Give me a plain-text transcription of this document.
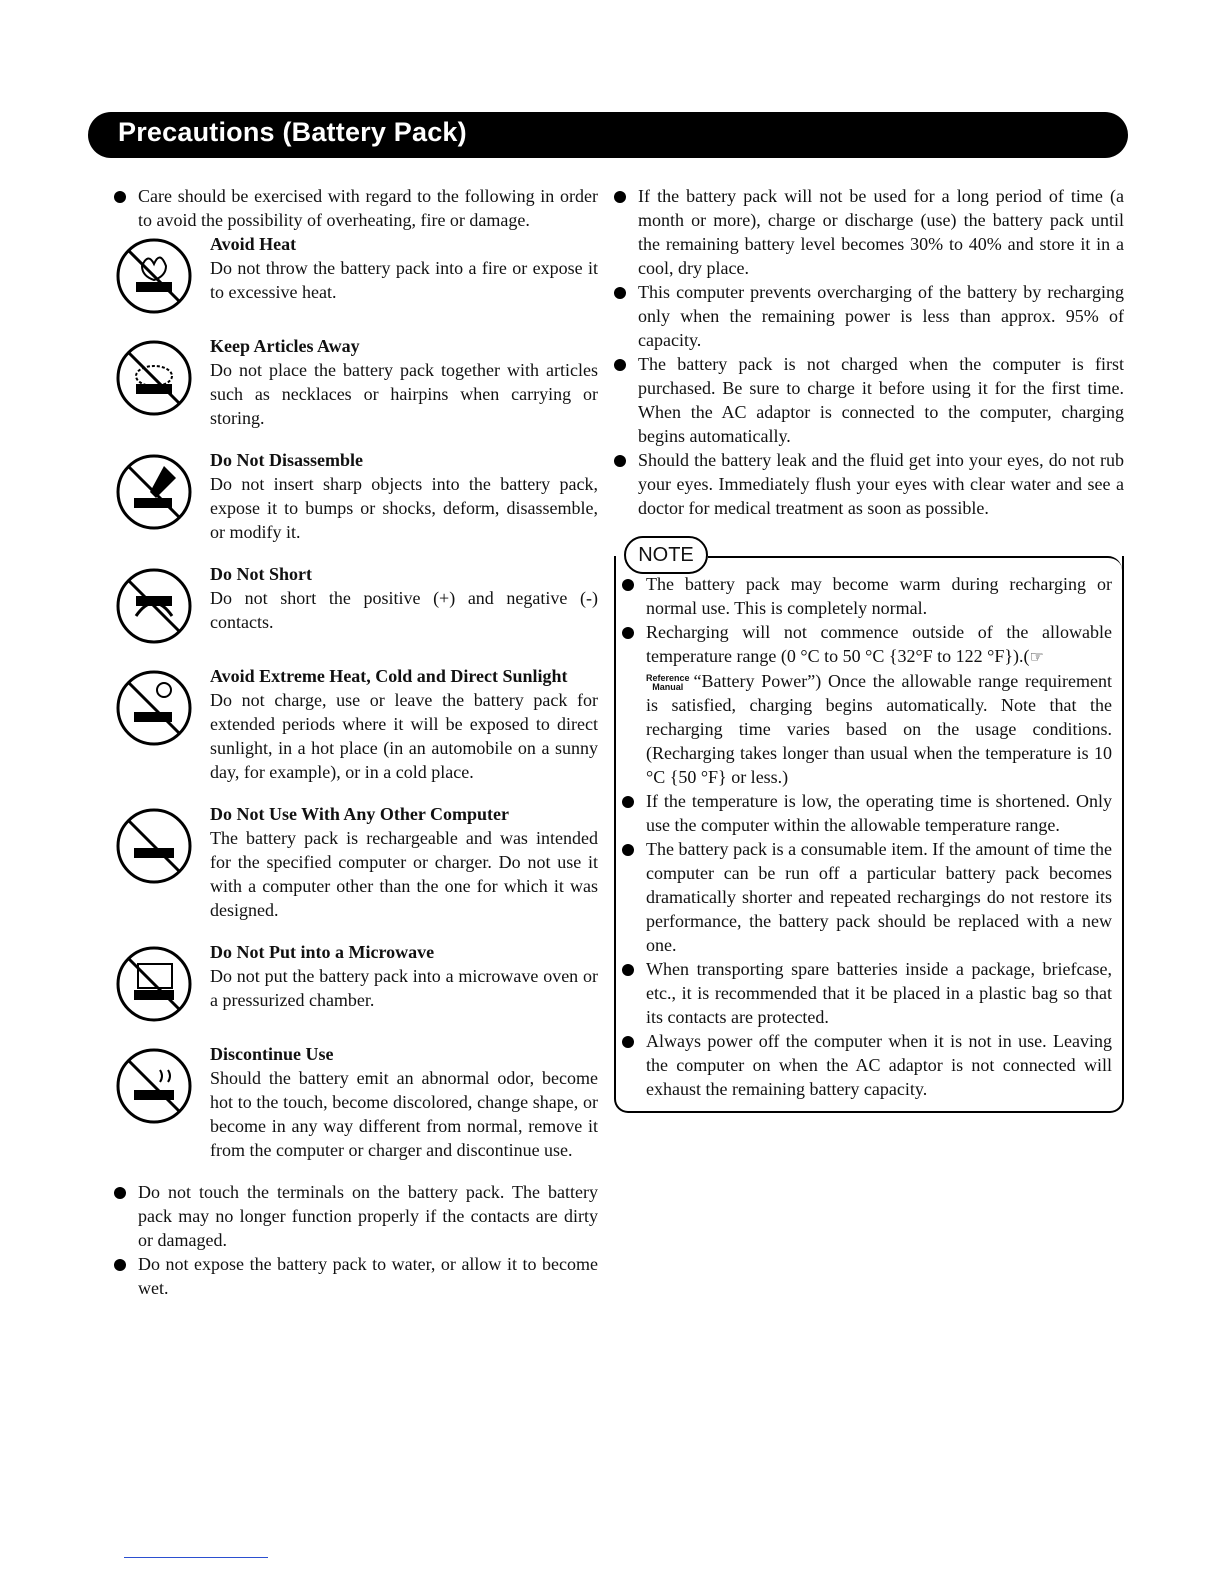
Precautions (Battery Pack)
Care should be exercised with regard to the following in order to avoid the possibility of overheating, fire or damage.
Avoid Heat

Do not throw the battery pack into a fire or expose it to excessive heat.

Keep Articles Away

Do not place the battery pack together with articles such as necklaces or hairpins when carrying or storing.

Do Not Disassemble

Do not insert sharp objects into the battery pack, expose it to bumps or shocks, deform, disassemble, or modify it.

Do Not Short

Do not short the positive (+) and negative (-) contacts.

Avoid Extreme Heat, Cold and Direct Sunlight

Do not charge, use or leave the battery pack for extended periods where it will be exposed to direct sunlight, in a hot place (in an automobile on a sunny day, for example), or in a cold place.

Do Not Use With Any Other Computer

The battery pack is rechargeable and was intended for the specified computer or charger. Do not use it with a computer other than the one for which it was designed.

Do Not Put into a Microwave

Do not put the battery pack into a microwave oven or a pressurized chamber.

Discontinue Use

Should the battery emit an abnormal odor, become hot to the touch, become discolored, change shape, or become in any way different from normal, remove it from the computer or charger and discontinue use.

Do not touch the terminals on the battery pack. The battery pack may no longer function properly if the contacts are dirty or damaged.
Do not expose the battery pack to water, or allow it to become wet.
If the battery pack will not be used for a long period of time (a month or more), charge or discharge (use) the battery pack until the remaining battery level becomes 30% to 40% and store it in a cool, dry place.
This computer prevents overcharging of the battery by recharging only when the remaining power is less than approx. 95% of capacity.
The battery pack is not charged when the computer is first purchased. Be sure to charge it before using it for the first time. When the AC adaptor is connected to the computer, charging begins automatically.
Should the battery leak and the fluid get into your eyes, do not rub your eyes. Immediately flush your eyes with clear water and see a doctor for medical treatment as soon as possible.
NOTE
The battery pack may become warm during recharging or normal use. This is completely normal.
Recharging will not commence outside of the allowable temperature range (0 °C to 50 °C {32°F to 122 °F}).(☞
Reference
Manual “Battery Power”) Once the allowable range requirement is satisfied, charging begins automatically. Note that the recharging time varies based on the usage conditions. (Recharging takes longer than usual when the temperature is 10 °C {50 °F} or less.)
If the temperature is low, the operating time is shortened. Only use the computer within the allowable temperature range.
The battery pack is a consumable item. If the amount of time the computer can be run off a particular battery pack becomes dramatically shorter and repeated rechargings do not restore its performance, the battery pack should be replaced with a new one.
When transporting spare batteries inside a package, briefcase, etc., it is recommended that it be placed in a plastic bag so that its contacts are protected.
Always power off the computer when it is not in use. Leaving the computer on when the AC adaptor is not connected will exhaust the remaining battery capacity.
